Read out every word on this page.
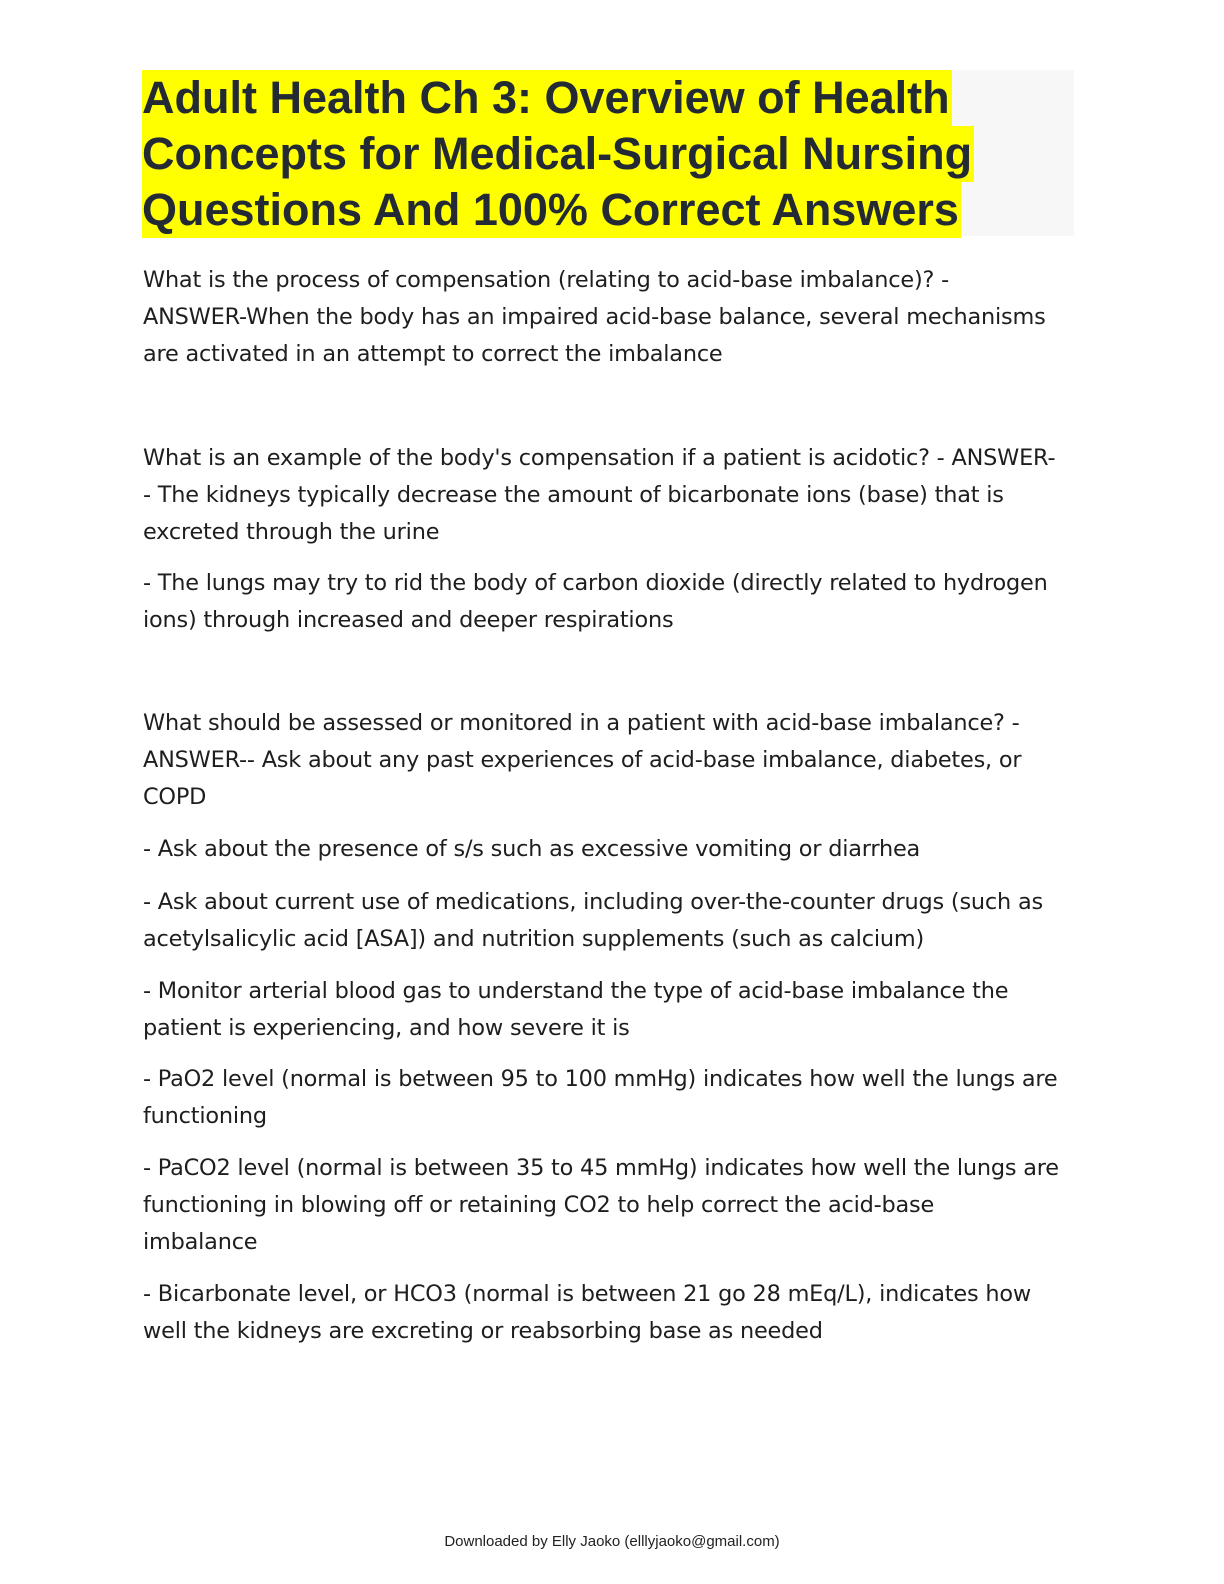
Adult Health Ch 3: Overview of Health
Concepts for Medical-Surgical Nursing
Questions And 100% Correct Answers

What is the process of compensation (relating to acid-base imbalance)? -
ANSWER-When the body has an impaired acid-base balance, several mechanisms
are activated in an attempt to correct the imbalance

What is an example of the body's compensation if a patient is acidotic? - ANSWER-
- The kidneys typically decrease the amount of bicarbonate ions (base) that is
excreted through the urine

- The lungs may try to rid the body of carbon dioxide (directly related to hydrogen
ions) through increased and deeper respirations

What should be assessed or monitored in a patient with acid-base imbalance? -
ANSWER-- Ask about any past experiences of acid-base imbalance, diabetes, or
COPD

- Ask about the presence of s/s such as excessive vomiting or diarrhea

- Ask about current use of medications, including over-the-counter drugs (such as
acetylsalicylic acid [ASA]) and nutrition supplements (such as calcium)

- Monitor arterial blood gas to understand the type of acid-base imbalance the
patient is experiencing, and how severe it is

- PaO2 level (normal is between 95 to 100 mmHg) indicates how well the lungs are
functioning

- PaCO2 level (normal is between 35 to 45 mmHg) indicates how well the lungs are
functioning in blowing off or retaining CO2 to help correct the acid-base
imbalance

- Bicarbonate level, or HCO3 (normal is between 21 go 28 mEq/L), indicates how
well the kidneys are excreting or reabsorbing base as needed

Downloaded by Elly Jaoko (elllyjaoko@gmail.com)
